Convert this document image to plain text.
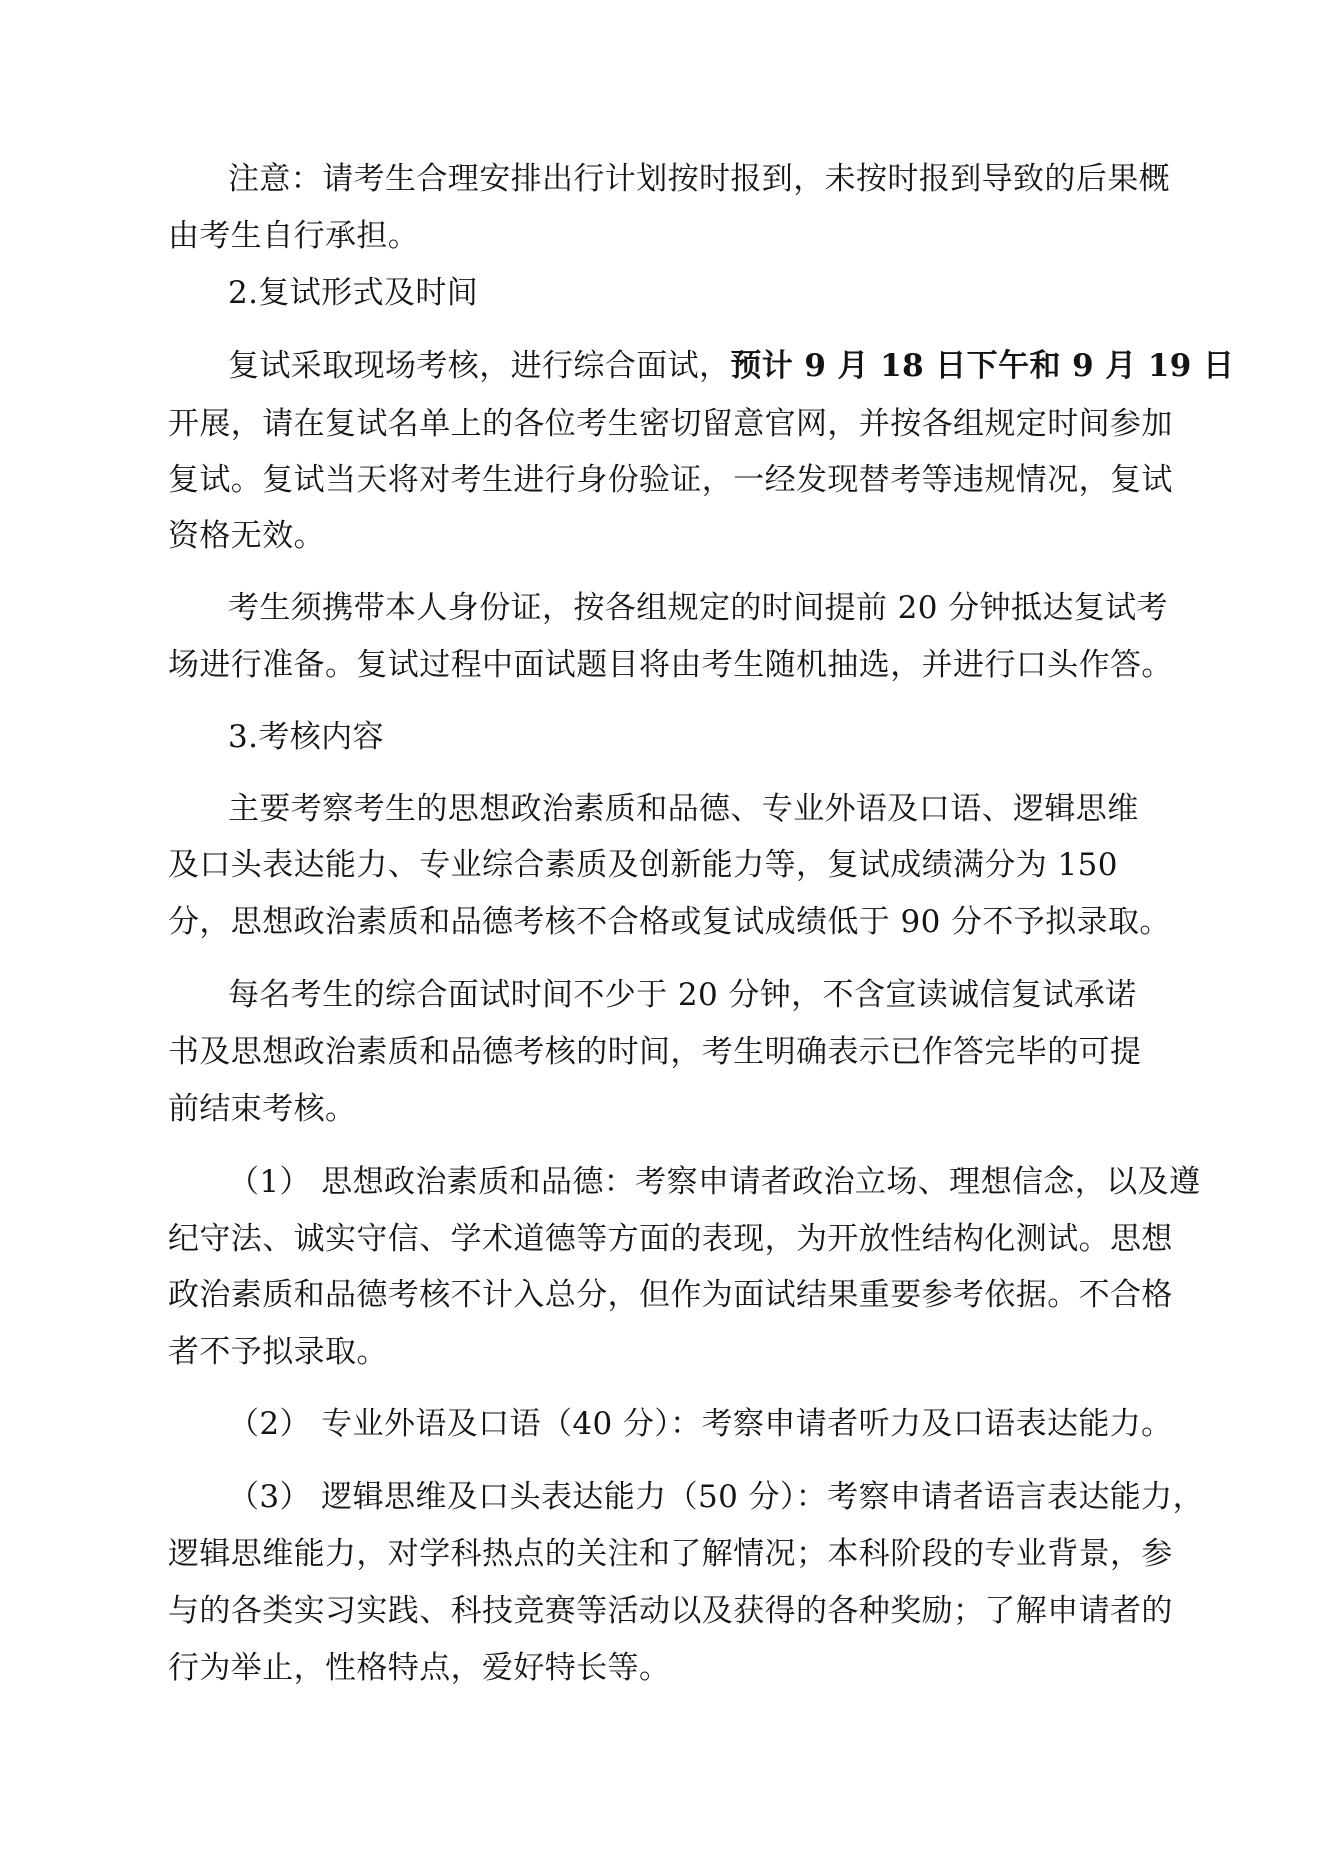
注意：请考生合理安排出行计划按时报到，未按时报到导致的后果概
由考生自行承担。
2.复试形式及时间
复试采取现场考核，进行综合面试，预计 9 月 18 日下午和 9 月 19 日
开展，请在复试名单上的各位考生密切留意官网，并按各组规定时间参加
复试。复试当天将对考生进行身份验证，一经发现替考等违规情况，复试
资格无效。
考生须携带本人身份证，按各组规定的时间提前 20 分钟抵达复试考
场进行准备。复试过程中面试题目将由考生随机抽选，并进行口头作答。
3.考核内容
主要考察考生的思想政治素质和品德、专业外语及口语、逻辑思维
及口头表达能力、专业综合素质及创新能力等，复试成绩满分为 150
分，思想政治素质和品德考核不合格或复试成绩低于 90 分不予拟录取。
每名考生的综合面试时间不少于 20 分钟，不含宣读诚信复试承诺
书及思想政治素质和品德考核的时间，考生明确表示已作答完毕的可提
前结束考核。
（1） 思想政治素质和品德：考察申请者政治立场、理想信念，以及遵
纪守法、诚实守信、学术道德等方面的表现，为开放性结构化测试。思想
政治素质和品德考核不计入总分，但作为面试结果重要参考依据。不合格
者不予拟录取。
（2） 专业外语及口语（40 分）：考察申请者听力及口语表达能力。
（3） 逻辑思维及口头表达能力（50 分）：考察申请者语言表达能力，
逻辑思维能力，对学科热点的关注和了解情况；本科阶段的专业背景，参
与的各类实习实践、科技竞赛等活动以及获得的各种奖励；了解申请者的
行为举止，性格特点，爱好特长等。
